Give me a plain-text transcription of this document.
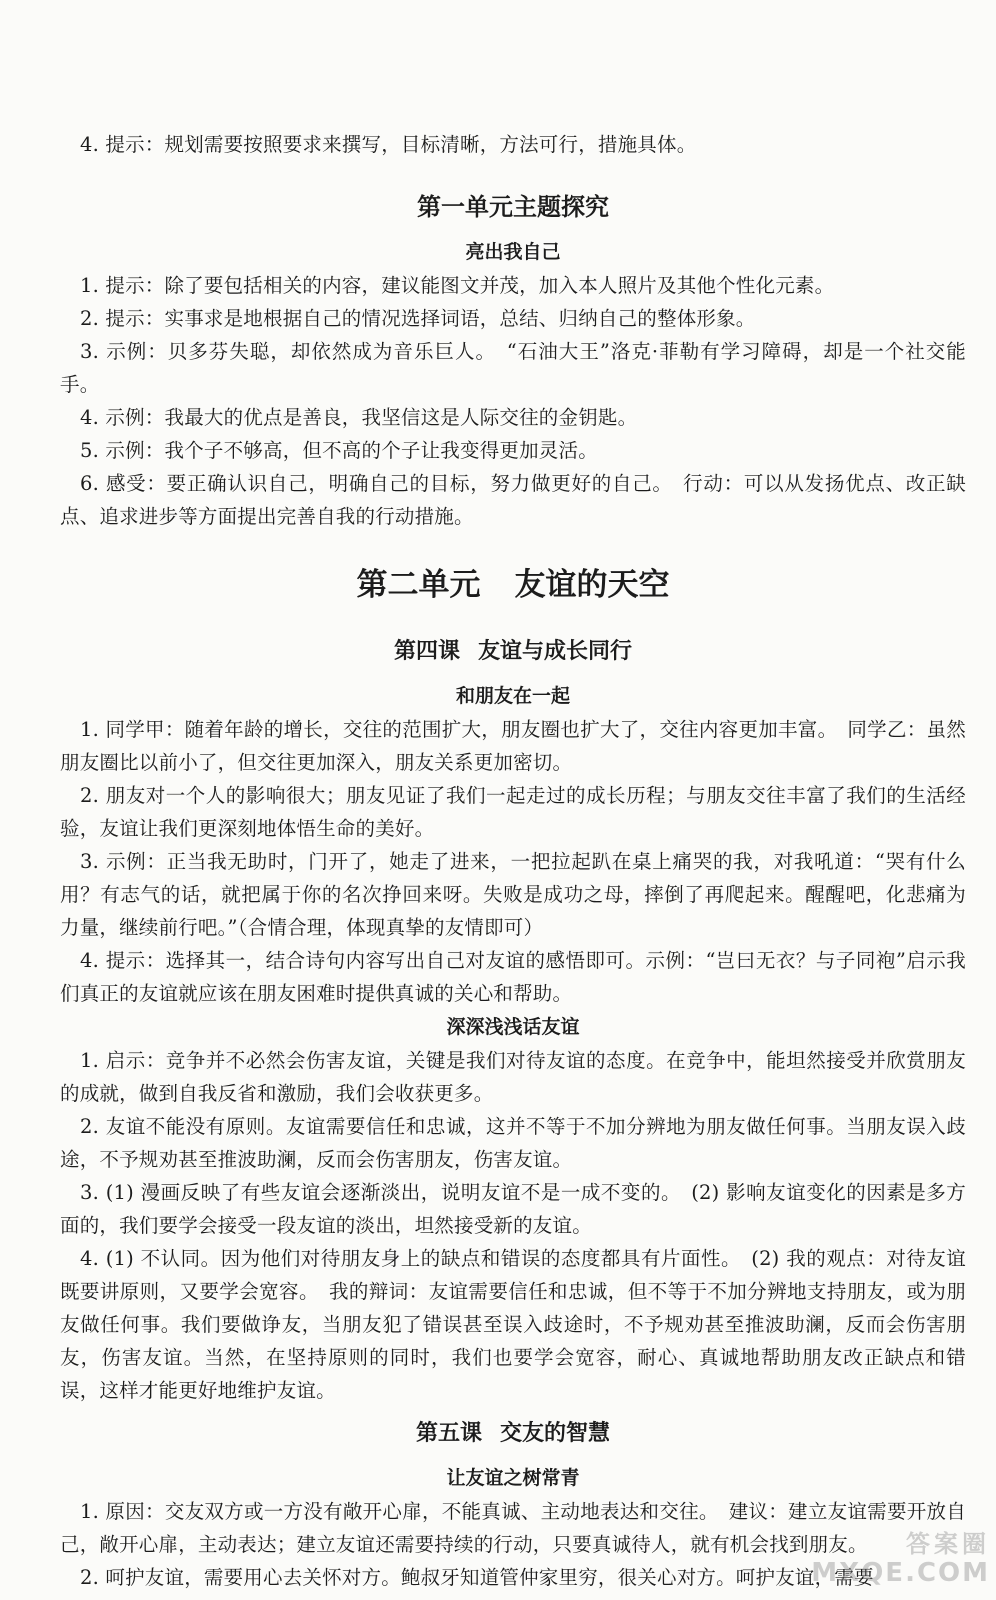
4. 提示：规划需要按照要求来撰写，目标清晰，方法可行，措施具体。

第一单元主题探究
亮出我自己

1. 提示：除了要包括相关的内容，建议能图文并茂，加入本人照片及其他个性化元素。

2. 提示：实事求是地根据自己的情况选择词语，总结、归纳自己的整体形象。

3. 示例：贝多芬失聪，却依然成为音乐巨人。　“石油大王”洛克·菲勒有学习障碍，却是一个社交能手。

4. 示例：我最大的优点是善良，我坚信这是人际交往的金钥匙。

5. 示例：我个子不够高，但不高的个子让我变得更加灵活。

6. 感受：要正确认识自己，明确自己的目标，努力做更好的自己。　行动：可以从发扬优点、改正缺点、追求进步等方面提出完善自我的行动措施。

第二单元 友谊的天空
第四课 友谊与成长同行
和朋友在一起

1. 同学甲：随着年龄的增长，交往的范围扩大，朋友圈也扩大了，交往内容更加丰富。　同学乙：虽然朋友圈比以前小了，但交往更加深入，朋友关系更加密切。

2. 朋友对一个人的影响很大；朋友见证了我们一起走过的成长历程；与朋友交往丰富了我们的生活经验，友谊让我们更深刻地体悟生命的美好。

3. 示例：正当我无助时，门开了，她走了进来，一把拉起趴在桌上痛哭的我，对我吼道：“哭有什么用？有志气的话，就把属于你的名次挣回来呀。失败是成功之母，摔倒了再爬起来。醒醒吧，化悲痛为力量，继续前行吧。”（合情合理，体现真挚的友情即可）

4. 提示：选择其一，结合诗句内容写出自己对友谊的感悟即可。示例：“岂曰无衣？与子同袍”启示我们真正的友谊就应该在朋友困难时提供真诚的关心和帮助。

深深浅浅话友谊

1. 启示：竞争并不必然会伤害友谊，关键是我们对待友谊的态度。在竞争中，能坦然接受并欣赏朋友的成就，做到自我反省和激励，我们会收获更多。

2. 友谊不能没有原则。友谊需要信任和忠诚，这并不等于不加分辨地为朋友做任何事。当朋友误入歧途，不予规劝甚至推波助澜，反而会伤害朋友，伤害友谊。

3. (1) 漫画反映了有些友谊会逐渐淡出，说明友谊不是一成不变的。　(2) 影响友谊变化的因素是多方面的，我们要学会接受一段友谊的淡出，坦然接受新的友谊。

4. (1) 不认同。因为他们对待朋友身上的缺点和错误的态度都具有片面性。　(2) 我的观点：对待友谊既要讲原则，又要学会宽容。　我的辩词：友谊需要信任和忠诚，但不等于不加分辨地支持朋友，或为朋友做任何事。我们要做诤友，当朋友犯了错误甚至误入歧途时，不予规劝甚至推波助澜，反而会伤害朋友，伤害友谊。当然，在坚持原则的同时，我们也要学会宽容，耐心、真诚地帮助朋友改正缺点和错误，这样才能更好地维护友谊。

第五课 交友的智慧
让友谊之树常青

1. 原因：交友双方或一方没有敞开心扉，不能真诚、主动地表达和交往。　建议：建立友谊需要开放自己，敞开心扉，主动表达；建立友谊还需要持续的行动，只要真诚待人，就有机会找到朋友。

2. 呵护友谊，需要用心去关怀对方。鲍叔牙知道管仲家里穷，很关心对方。呵护友谊，需要

答案圈
MXQE.COM
